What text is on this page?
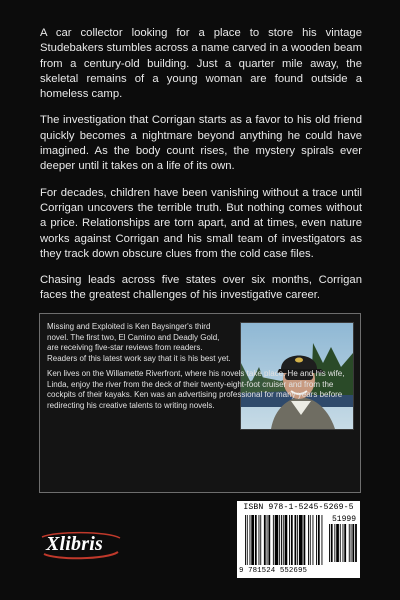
A car collector looking for a place to store his vintage Studebakers stumbles across a name carved in a wooden beam from a century-old building. Just a quarter mile away, the skeletal remains of a young woman are found outside a homeless camp.

The investigation that Corrigan starts as a favor to his old friend quickly becomes a nightmare beyond anything he could have imagined. As the body count rises, the mystery spirals ever deeper until it takes on a life of its own.

For decades, children have been vanishing without a trace until Corrigan uncovers the terrible truth. But nothing comes without a price. Relationships are torn apart, and at times, even nature works against Corrigan and his small team of investigators as they track down obscure clues from the cold case files.

Chasing leads across five states over six months, Corrigan faces the greatest challenges of his investigative career.

Missing and Exploited is Ken Baysinger's third novel. The first two, El Camino and Deadly Gold, are receiving five-star reviews from readers. Readers of this latest work say that it is his best yet.

Ken lives on the Willamette Riverfront, where his novels take place. He and his wife, Linda, enjoy the river from the deck of their twenty-eight-foot cruiser and from the cockpits of their kayaks. Ken was an advertising professional for many years before redirecting his creative talents to writing novels.

Xlibris
ISBN 978-1-5245-5269-5
51999
9 781524 552695
